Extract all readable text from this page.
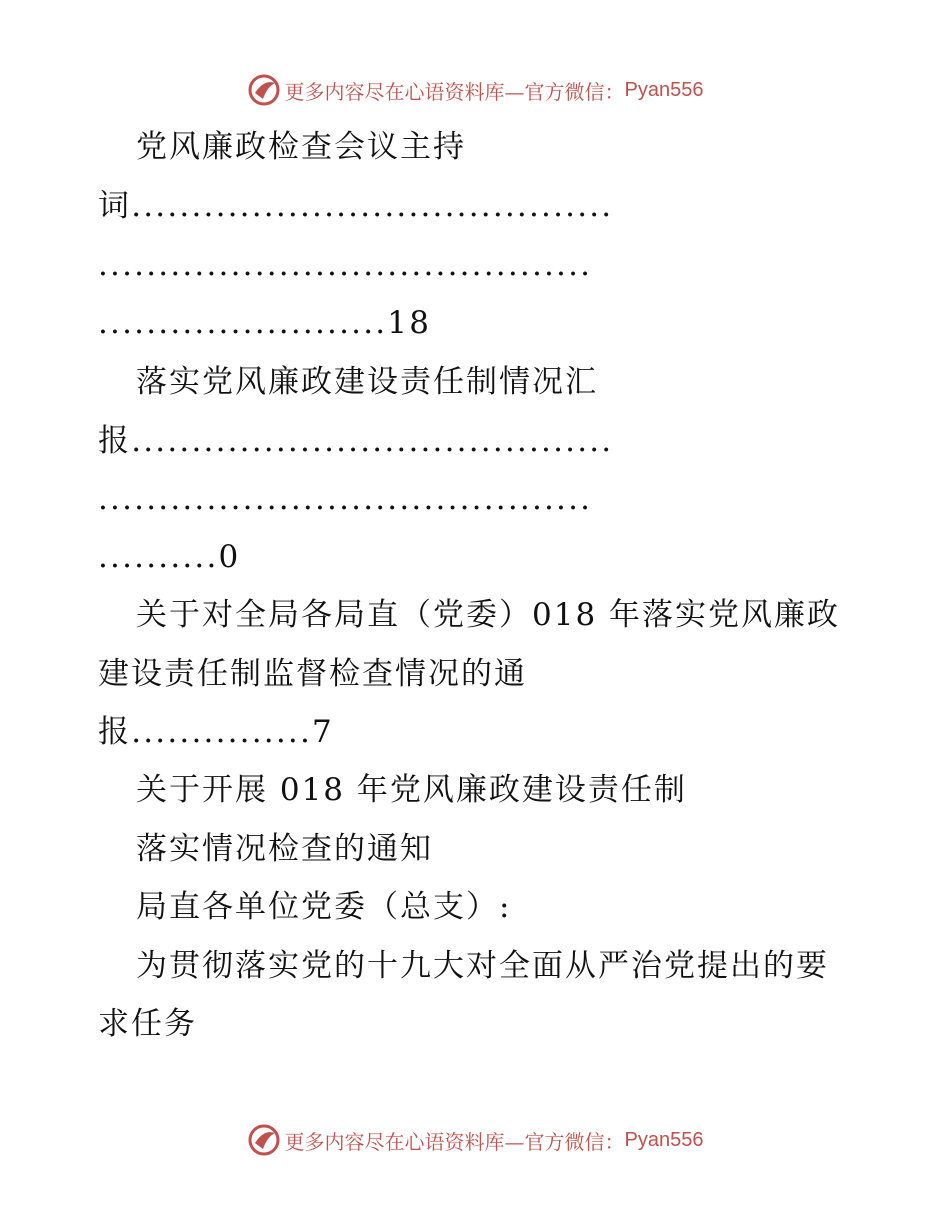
更多内容尽在心语资料库—官方微信： Pyan556
党风廉政检查会议主持
词........................................
.........................................
........................18
落实党风廉政建设责任制情况汇
报........................................
.........................................
..........0
关于对全局各局直（党委）018 年落实党风廉政
建设责任制监督检查情况的通
报...............7
关于开展 018 年党风廉政建设责任制
落实情况检查的通知
局直各单位党委（总支）:
为贯彻落实党的十九大对全面从严治党提出的要
求任务
更多内容尽在心语资料库—官方微信： Pyan556
